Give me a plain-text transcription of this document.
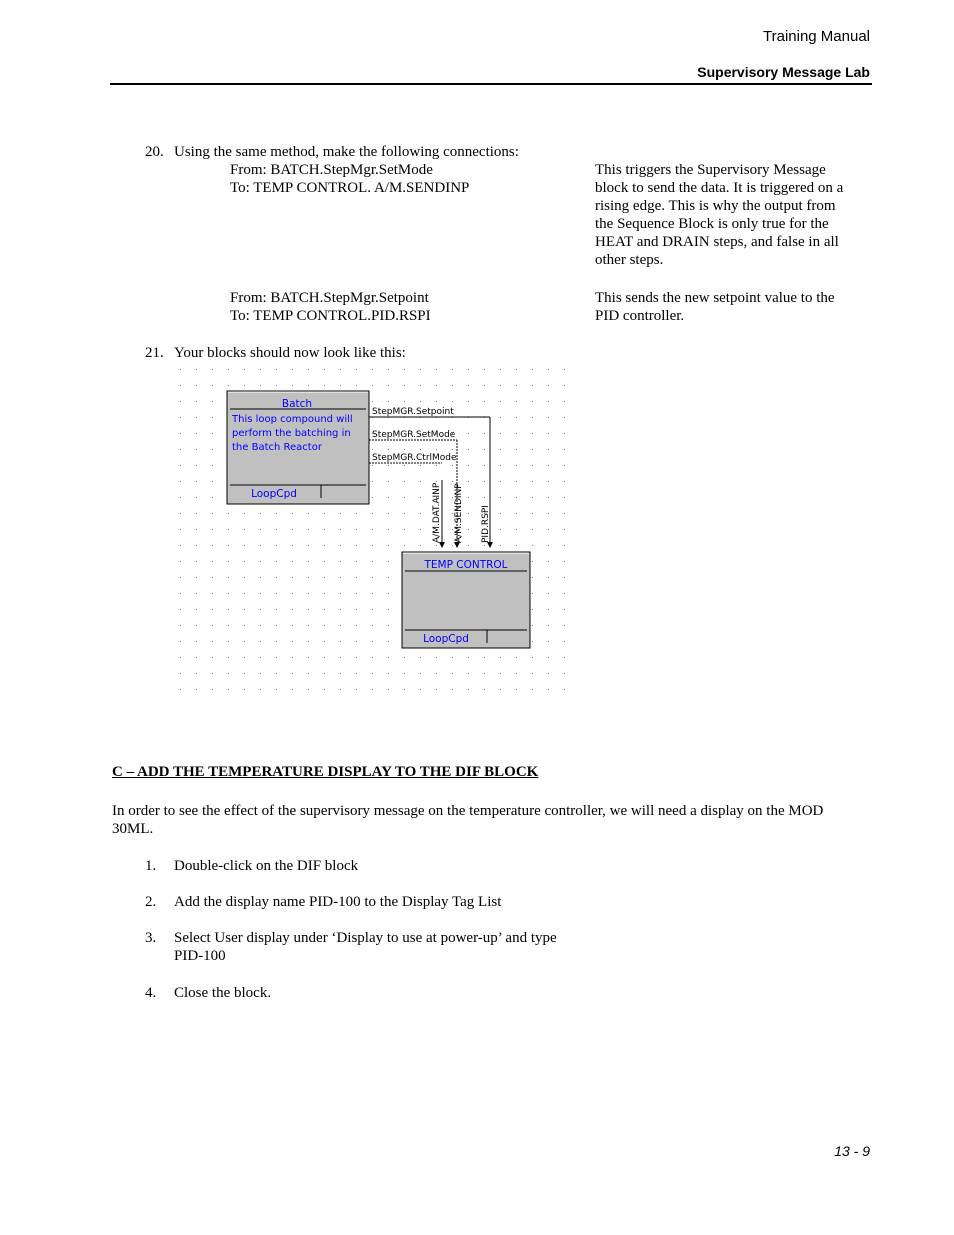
Training Manual
Supervisory Message Lab
20. Using the same method, make the following connections:
From: BATCH.StepMgr.SetMode
To: TEMP CONTROL. A/M.SENDINP
This triggers the Supervisory Message
block to send the data. It is triggered on a
rising edge. This is why the output from
the Sequence Block is only true for the
HEAT and DRAIN steps, and false in all
other steps.
From: BATCH.StepMgr.Setpoint
To: TEMP CONTROL.PID.RSPI
This sends the new setpoint value to the
PID controller.
21. Your blocks should now look like this:
Batch
This loop compound will
perform the batching in
the Batch Reactor
LoopCpd
StepMGR.Setpoint
StepMGR.SetMode
StepMGR.CtrlMode
A/M.DAT.AINP A/M.SENDINP PID.RSPI
TEMP CONTROL
LoopCpd
C – ADD THE TEMPERATURE DISPLAY TO THE DIF BLOCK
In order to see the effect of the supervisory message on the temperature controller, we will need a display on the MOD
30ML.
1.	Double-click on the DIF block
2.	Add the display name PID-100 to the Display Tag List
3.	Select User display under ‘Display to use at power-up’ and type
PID-100
4.	Close the block.
13 - 9
